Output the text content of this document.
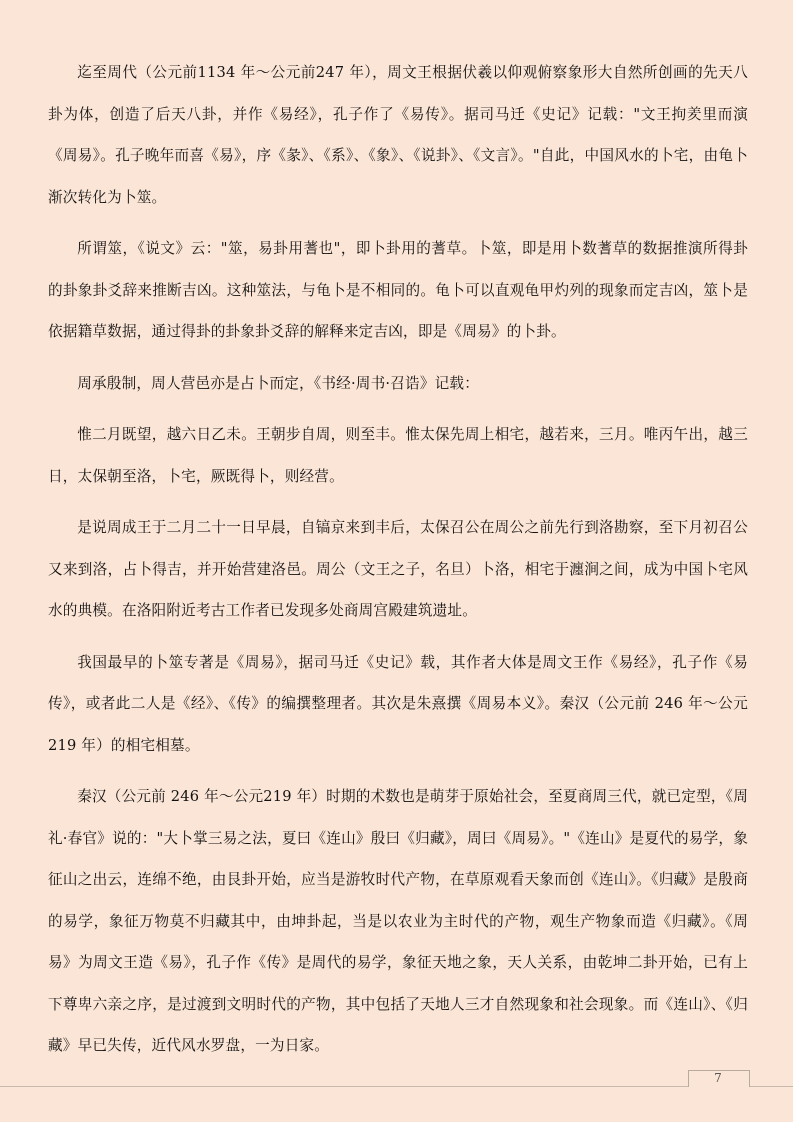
迄至周代（公元前1134 年～公元前247 年），周文王根据伏羲以仰观俯察象形大自然所创画的先天八卦为体，创造了后天八卦，并作《易经》，孔子作了《易传》。据司马迁《史记》记载："文王拘羑里而演《周易》。孔子晚年而喜《易》，序《彖》、《系》、《象》、《说卦》、《文言》。"自此，中国风水的卜宅，由龟卜渐次转化为卜筮。

所谓筮，《说文》云："筮，易卦用蓍也"，即卜卦用的蓍草。卜筮，即是用卜数蓍草的数据推演所得卦的卦象卦爻辞来推断吉凶。这种筮法，与龟卜是不相同的。龟卜可以直观龟甲灼列的现象而定吉凶，筮卜是依据籍草数据，通过得卦的卦象卦爻辞的解释来定吉凶，即是《周易》的卜卦。

周承殷制，周人营邑亦是占卜而定，《书经·周书·召诰》记载：

惟二月既望，越六日乙未。王朝步自周，则至丰。惟太保先周上相宅，越若来，三月。唯丙午出，越三日，太保朝至洛，卜宅，厥既得卜，则经营。

是说周成王于二月二十一日早晨，自镐京来到丰后，太保召公在周公之前先行到洛勘察，至下月初召公又来到洛，占卜得吉，并开始营建洛邑。周公（文王之子，名旦）卜洛，相宅于瀍涧之间，成为中国卜宅风水的典模。在洛阳附近考古工作者已发现多处商周宫殿建筑遗址。

我国最早的卜筮专著是《周易》，据司马迁《史记》载，其作者大体是周文王作《易经》，孔子作《易传》，或者此二人是《经》、《传》的编撰整理者。其次是朱熹撰《周易本义》。秦汉（公元前 246 年～公元219 年）的相宅相墓。

秦汉（公元前 246 年～公元219 年）时期的术数也是萌芽于原始社会，至夏商周三代，就已定型，《周礼·春官》说的："大卜掌三易之法，夏曰《连山》殷曰《归藏》，周曰《周易》。"《连山》是夏代的易学，象征山之出云，连绵不绝，由艮卦开始，应当是游牧时代产物，在草原观看天象而创《连山》。《归藏》是殷商的易学，象征万物莫不归藏其中，由坤卦起，当是以农业为主时代的产物，观生产物象而造《归藏》。《周易》为周文王造《易》，孔子作《传》是周代的易学，象征天地之象，天人关系，由乾坤二卦开始，已有上下尊卑六亲之序，是过渡到文明时代的产物，其中包括了天地人三才自然现象和社会现象。而《连山》、《归藏》早已失传，近代风水罗盘，一为日家。

7
